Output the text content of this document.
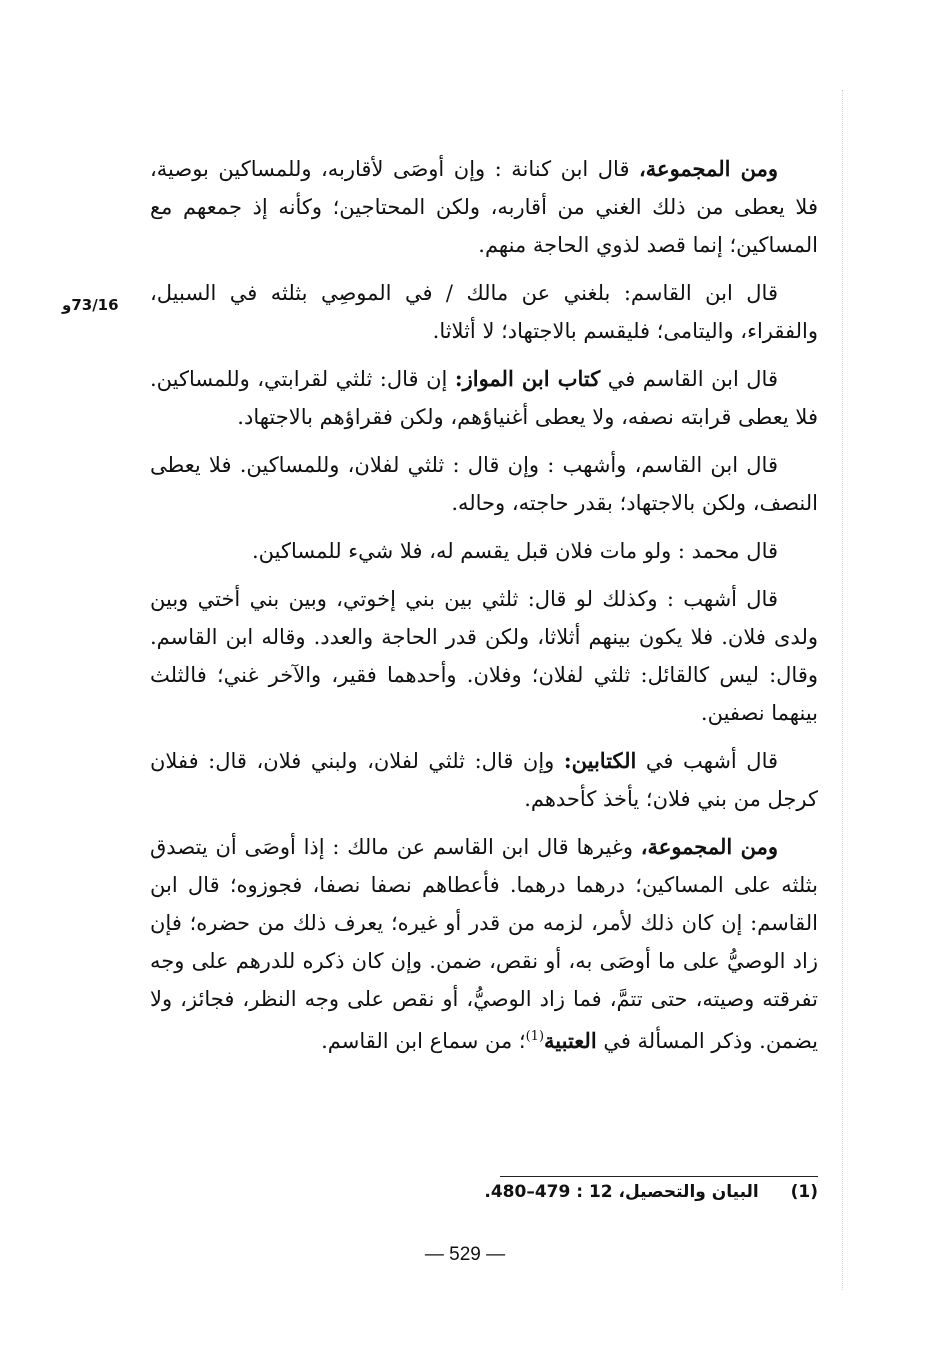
73/16و

ومن المجموعة، قال ابن كنانة : وإن أوصَى لأقاربه، وللمساكين بوصية، فلا يعطى من ذلك الغني من أقاربه، ولكن المحتاجين؛ وكأنه إذ جمعهم مع المساكين؛ إنما قصد لذوي الحاجة منهم.

قال ابن القاسم: بلغني عن مالك / في الموصِي بثلثه في السبيل، والفقراء، واليتامى؛ فليقسم بالاجتهاد؛ لا أثلاثا.

قال ابن القاسم في كتاب ابن المواز: إن قال: ثلثي لقرابتي، وللمساكين. فلا يعطى قرابته نصفه، ولا يعطى أغنياؤهم، ولكن فقراؤهم بالاجتهاد.

قال ابن القاسم، وأشهب : وإن قال : ثلثي لفلان، وللمساكين. فلا يعطى النصف، ولكن بالاجتهاد؛ بقدر حاجته، وحاله.

قال محمد : ولو مات فلان قبل يقسم له، فلا شيء للمساكين.

قال أشهب : وكذلك لو قال: ثلثي بين بني إخوتي، وبين بني أختي وبين ولدى فلان. فلا يكون بينهم أثلاثا، ولكن قدر الحاجة والعدد. وقاله ابن القاسم. وقال: ليس كالقائل: ثلثي لفلان؛ وفلان. وأحدهما فقير، والآخر غني؛ فالثلث بينهما نصفين.

قال أشهب في الكتابين: وإن قال: ثلثي لفلان، ولبني فلان، قال: ففلان كرجل من بني فلان؛ يأخذ كأحدهم.

ومن المجموعة، وغيرها قال ابن القاسم عن مالك : إذا أوصَى أن يتصدق بثلثه على المساكين؛ درهما درهما. فأعطاهم نصفا نصفا، فجوزوه؛ قال ابن القاسم: إن كان ذلك لأمر، لزمه من قدر أو غيره؛ يعرف ذلك من حضره؛ فإن زاد الوصيُّ على ما أوصَى به، أو نقص، ضمن. وإن كان ذكره للدرهم على وجه تفرقته وصيته، حتى تتمَّ، فما زاد الوصيُّ، أو نقص على وجه النظر، فجائز، ولا يضمن. وذكر المسألة في العتبية$^{(1)}$؛ من سماع ابن القاسم.

(1)  البيان والتحصيل، 12 : 479–480.
— 529 —
